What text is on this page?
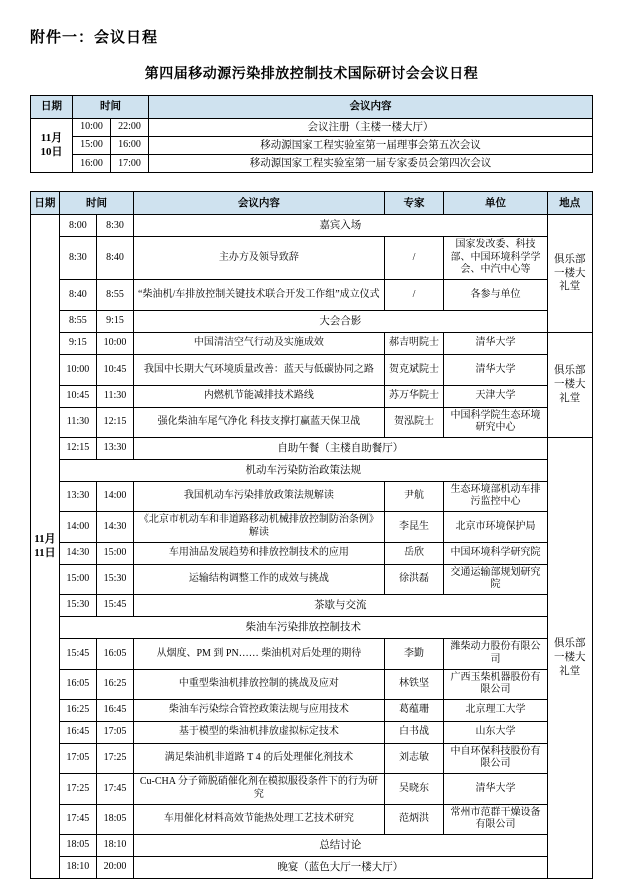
附件一：会议日程
第四届移动源污染排放控制技术国际研讨会会议日程
日期	时间		会议内容
11月
10日	10:00	22:00	会议注册（主楼一楼大厅）
	15:00	16:00	移动源国家工程实验室第一届理事会第五次会议
	16:00	17:00	移动源国家工程实验室第一届专家委员会第四次会议
日期	时间		会议内容	专家	单位	地点
11月
11日	8:00	8:30	嘉宾入场			俱乐部一楼大礼堂
	8:30	8:40	主办方及领导致辞	/	国家发改委、科技部、中国环境科学学会、中汽中心等	
	8:40	8:55	“柴油机/车排放控制关键技术联合开发工作组”成立仪式	/	各参与单位	
	8:55	9:15	大会合影			
	9:15	10:00	中国清洁空气行动及实施成效	郝吉明院士	清华大学	俱乐部一楼大礼堂
	10:00	10:45	我国中长期大气环境质量改善：蓝天与低碳协同之路	贺克斌院士	清华大学	
	10:45	11:30	内燃机节能减排技术路线	苏万华院士	天津大学	
	11:30	12:15	强化柴油车尾气净化 科技支撑打赢蓝天保卫战	贺泓院士	中国科学院生态环境研究中心	
	12:15	13:30	自助午餐（主楼自助餐厅）			俱乐部一楼大礼堂
	机动车污染防治政策法规					
	13:30	14:00	我国机动车污染排放政策法规解读	尹航	生态环境部机动车排污监控中心	
	14:00	14:30	《北京市机动车和非道路移动机械排放控制防治条例》解读	李昆生	北京市环境保护局	
	14:30	15:00	车用油品发展趋势和排放控制技术的应用	岳欣	中国环境科学研究院	
	15:00	15:30	运输结构调整工作的成效与挑战	徐洪磊	交通运输部规划研究院	
	15:30	15:45	茶歇与交流			
	柴油车污染排放控制技术					
	15:45	16:05	从烟度、PM 到 PN…… 柴油机对后处理的期待	李勤	潍柴动力股份有限公司	
	16:05	16:25	中重型柴油机排放控制的挑战及应对	林铁坚	广西玉柴机器股份有限公司	
	16:25	16:45	柴油车污染综合管控政策法规与应用技术	葛蕴珊	北京理工大学	
	16:45	17:05	基于模型的柴油机排放虚拟标定技术	白书战	山东大学	
	17:05	17:25	满足柴油机非道路 T 4 的后处理催化剂技术	刘志敏	中自环保科技股份有限公司	
	17:25	17:45	Cu-CHA 分子筛脱硝催化剂在模拟服役条件下的行为研究	吴晓东	清华大学	
	17:45	18:05	车用催化材料高效节能热处理工艺技术研究	范炳洪	常州市范群干燥设备有限公司	
	18:05	18:10	总结讨论			
	18:10	20:00	晚宴（蓝色大厅一楼大厅）			
